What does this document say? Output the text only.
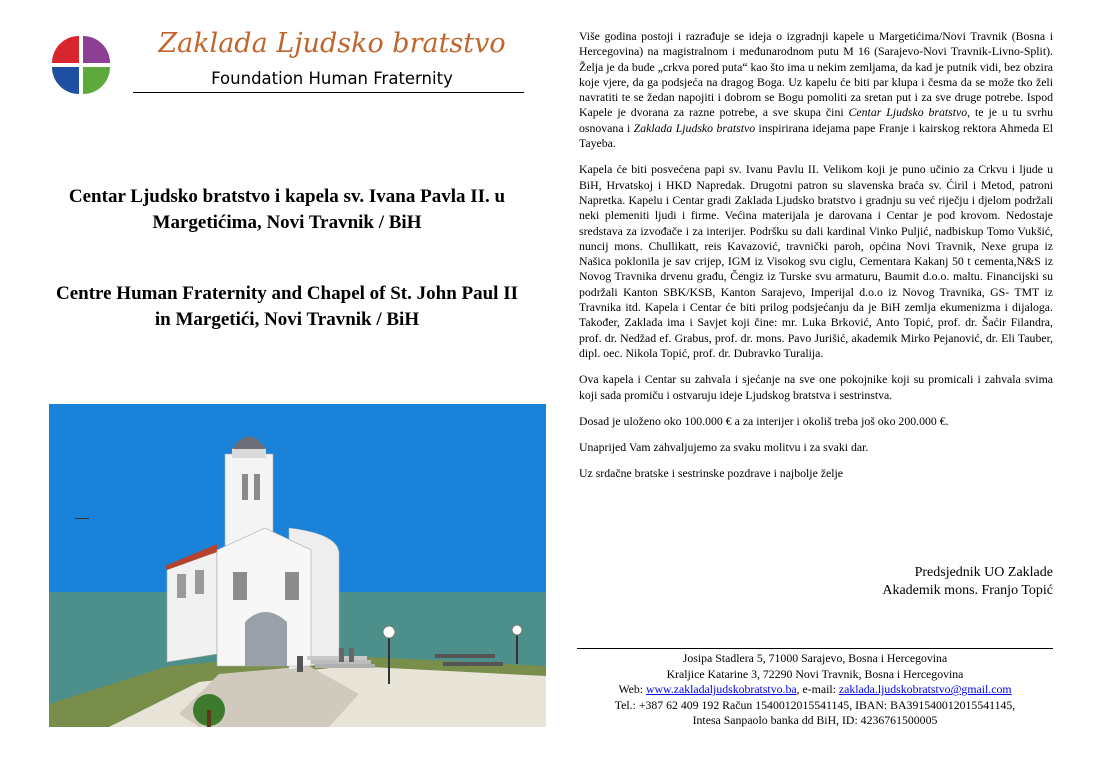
Zaklada Ljudsko bratstvo
Foundation Human Fraternity
Centar Ljudsko bratstvo i kapela sv. Ivana Pavla II. u Margetićima, Novi Travnik / BiH
Centre Human Fraternity and Chapel of St. John Paul II in Margetići, Novi Travnik / BiH

Više godina postoji i razrađuje se ideja o izgradnji kapele u Margetićima/Novi Travnik (Bosna i Hercegovina) na magistralnom i međunarodnom putu M 16 (Sarajevo-Novi Travnik-Livno-Split). Želja je da bude „crkva pored puta“ kao što ima u nekim zemljama, da kad je putnik vidi, bez obzira koje vjere, da ga podsjeća na dragog Boga. Uz kapelu će biti par klupa i česma da se može tko želi navratiti te se žedan napojiti i dobrom se Bogu pomoliti za sretan put i za sve druge potrebe. Ispod Kapele je dvorana za razne potrebe, a sve skupa čini Centar Ljudsko bratstvo, te je u tu svrhu osnovana i Zaklada Ljudsko bratstvo inspirirana idejama pape Franje i kairskog rektora Ahmeda El Tayeba.

Kapela će biti posvećena papi sv. Ivanu Pavlu II. Velikom koji je puno učinio za Crkvu i ljude u BiH, Hrvatskoj i HKD Napredak. Drugotni patron su slavenska braća sv. Ćiril i Metod, patroni Napretka. Kapelu i Centar gradi Zaklada Ljudsko bratstvo i gradnju su već riječju i djelom podržali neki plemeniti ljudi i firme. Većina materijala je darovana i Centar je pod krovom. Nedostaje sredstava za izvođače i za interijer. Podršku su dali kardinal Vinko Puljić, nadbiskup Tomo Vukšić, nuncij mons. Chullikatt, reis Kavazović, travnički paroh, općina Novi Travnik, Nexe grupa iz Našica poklonila je sav crijep, IGM iz Visokog svu ciglu, Cementara Kakanj 50 t cementa,N&S iz Novog Travnika drvenu građu, Čengiz iz Turske svu armaturu, Baumit d.o.o. maltu. Financijski su podržali Kanton SBK/KSB, Kanton Sarajevo, Imperijal d.o.o iz Novog Travnika, GS- TMT iz Travnika itd. Kapela i Centar će biti prilog podsjećanju da je BiH zemlja ekumenizma i dijaloga. Također, Zaklada ima i Savjet koji čine: mr. Luka Brković, Anto Topić, prof. dr. Šaćir Filandra, prof. dr. Nedžad ef. Grabus, prof. dr. mons. Pavo Jurišić, akademik Mirko Pejanović, dr. Eli Tauber, dipl. oec. Nikola Topić, prof. dr. Dubravko Turalija.

Ova kapela i Centar su zahvala i sjećanje na sve one pokojnike koji su promicali i zahvala svima koji sada promiču i ostvaruju ideje Ljudskog bratstva i sestrinstva.

Dosad je uloženo oko 100.000 € a za interijer i okoliš treba još oko 200.000 €.

Unaprijed Vam zahvaljujemo za svaku molitvu i za svaki dar.

Uz srdačne bratske i sestrinske pozdrave i najbolje želje

Predsjednik UO Zaklade
Akademik mons. Franjo Topić
Josipa Stadlera 5, 71000 Sarajevo, Bosna i Hercegovina
Kraljice Katarine 3, 72290 Novi Travnik, Bosna i Hercegovina
Web: www.zakladaljudskobratstvo.ba, e-mail: zaklada.ljudskobratstvo@gmail.com
Tel.: +387 62 409 192 Račun 1540012015541145, IBAN: BA391540012015541145,
Intesa Sanpaolo banka dd BiH, ID: 4236761500005
